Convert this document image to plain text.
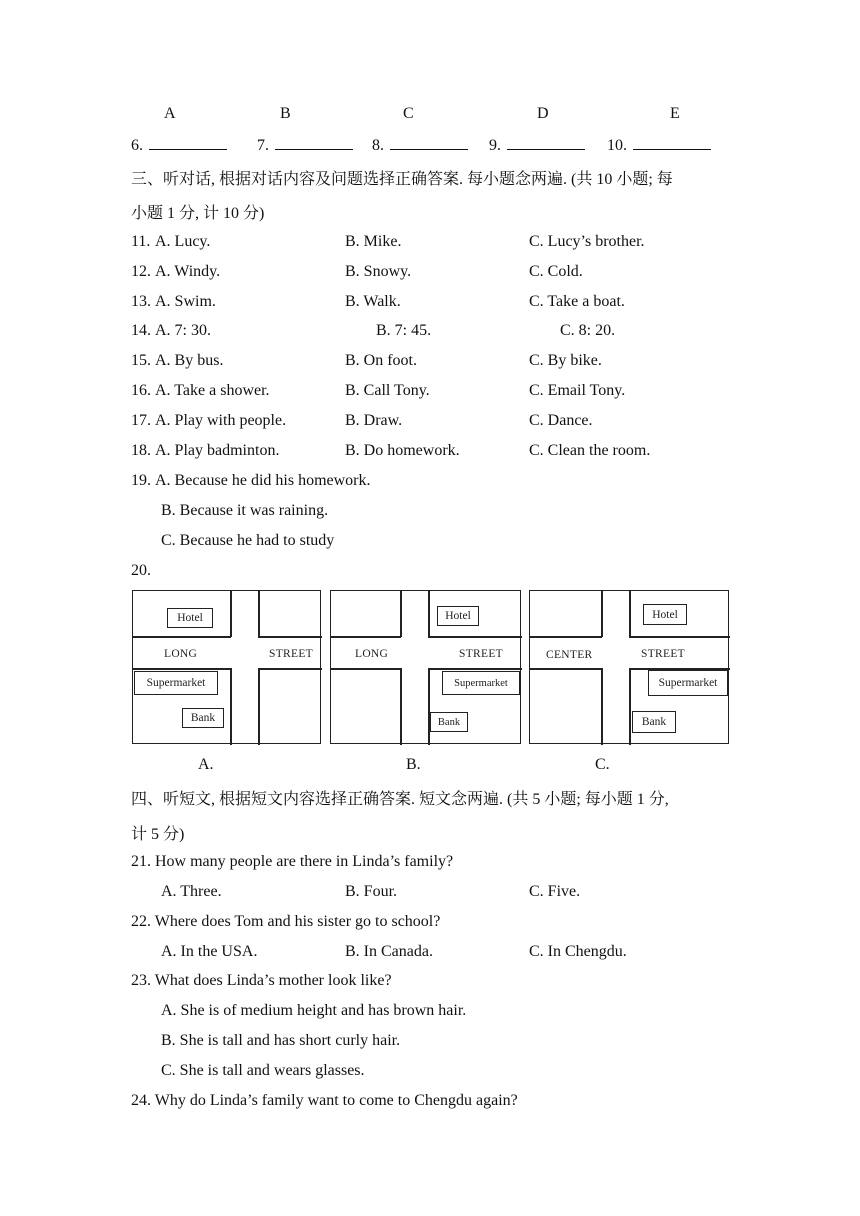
A	B	C	D	E
6.	7.	8.	9.	10.
三、听对话, 根据对话内容及问题选择正确答案. 每小题念两遍. (共 10 小题; 每
小题 1 分, 计 10 分)
11. A. Lucy.	B. Mike.	C. Lucy’s brother.
12. A. Windy.	B. Snowy.	C. Cold.
13. A. Swim.	B. Walk.	C. Take a boat.
14. A. 7: 30.	B. 7: 45.	C. 8: 20.
15. A. By bus.	B. On foot.	C. By bike.
16. A. Take a shower.	B. Call Tony.	C. Email Tony.
17. A. Play with people.	B. Draw.	C. Dance.
18. A. Play badminton.	B. Do homework.	C. Clean the room.
19. A. Because he did his homework.
B. Because it was raining.
C. Because he had to study
20.
Hotel
LONG	STREET
Supermarket
Bank
Hotel
LONG	STREET
Supermarket
Bank
Hotel
CENTER	STREET
Supermarket
Bank
A.	B.	C.
四、听短文, 根据短文内容选择正确答案. 短文念两遍. (共 5 小题; 每小题 1 分,
计 5 分)
21. How many people are there in Linda’s family?
A. Three.	B. Four.	C. Five.
22. Where does Tom and his sister go to school?
A. In the USA.	B. In Canada.	C. In Chengdu.
23. What does Linda’s mother look like?
A. She is of medium height and has brown hair.
B. She is tall and has short curly hair.
C. She is tall and wears glasses.
24. Why do Linda’s family want to come to Chengdu again?
